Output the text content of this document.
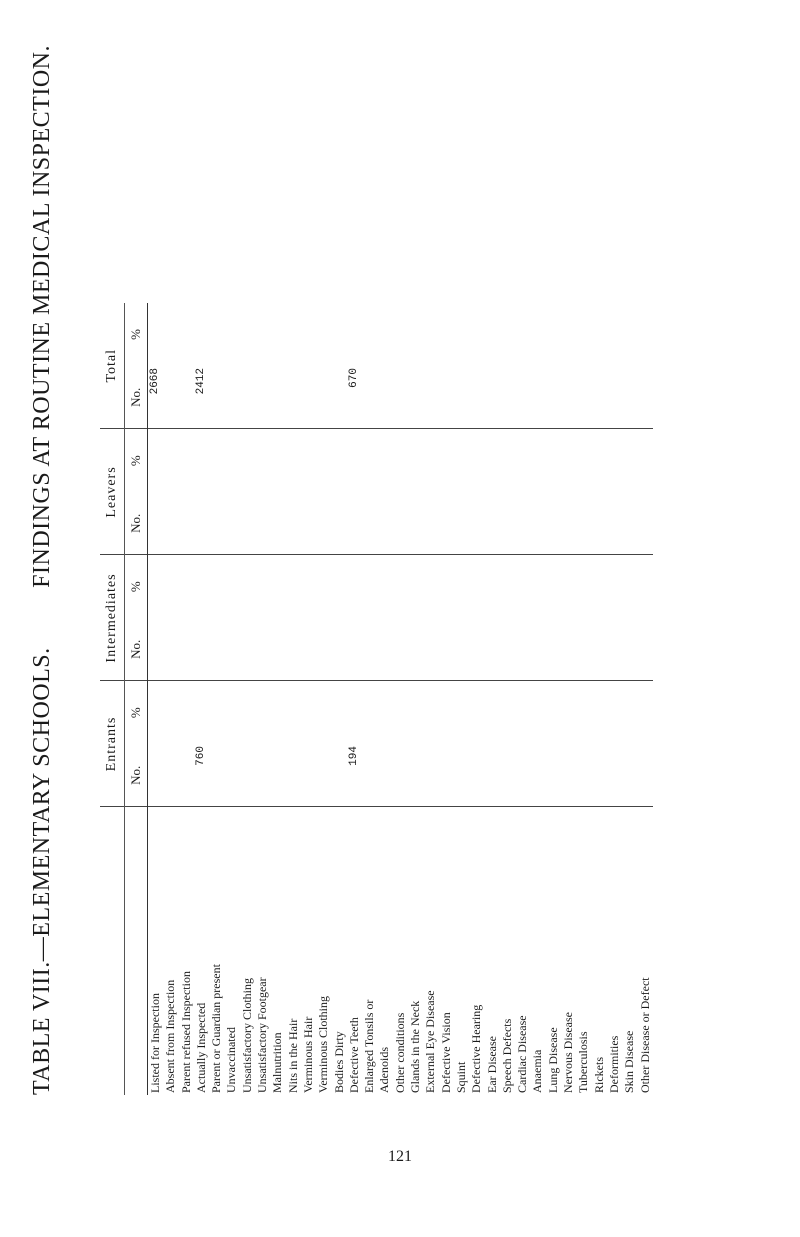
TABLE VIII.—ELEMENTARY SCHOOLS.
FINDINGS AT ROUTINE MEDICAL INSPECTION.
	Entrants		Intermediates		Leavers		Total	
	No.	%	No.	%	No.	%	No.	%
Listed for Inspection							2668	
Absent from Inspection								
Parent refused Inspection								
Actually Inspected	760						2412	
Parent or Guardian present								
Unvaccinated								
Unsatisfactory Clothing								
Unsatisfactory Footgear								
Malnutrition								
Nits in the Hair								
Verminous Hair								
Verminous Clothing								
Bodies Dirty								
Defective Teeth	194						670	
Enlarged Tonsils or								
Adenoids								
Other conditions								
Glands in the Neck								
External Eye Disease								
Defective Vision								
Squint								
Defective Hearing								
Ear Disease								
Speech Defects								
Cardiac Disease								
Anaemia								
Lung Disease								
Nervous Disease								
Tuberculosis								
Rickets								
Deformities								
Skin Disease								
Other Disease or Defect								
121
